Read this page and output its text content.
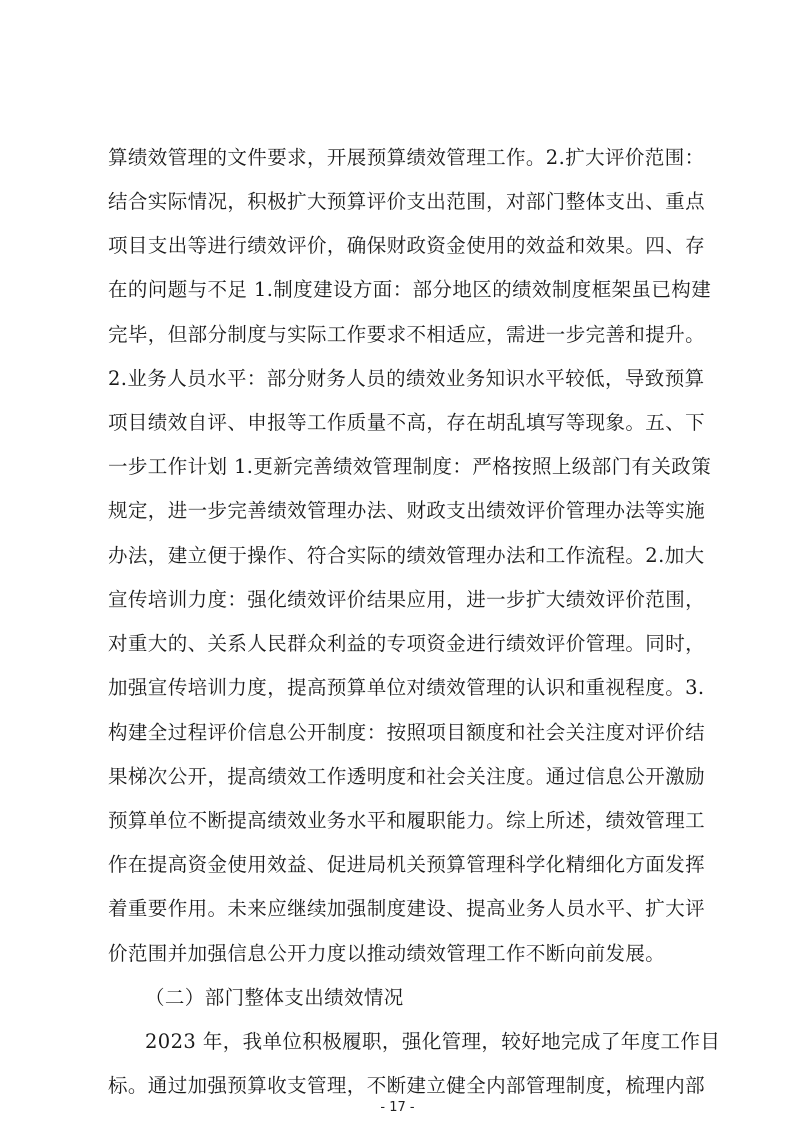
算绩效管理的文件要求，开展预算绩效管理工作。2.扩大评价范围：
结合实际情况，积极扩大预算评价支出范围，对部门整体支出、重点
项目支出等进行绩效评价，确保财政资金使用的效益和效果。四、存
在的问题与不足 1.制度建设方面：部分地区的绩效制度框架虽已构建
完毕，但部分制度与实际工作要求不相适应，需进一步完善和提升。
2.业务人员水平：部分财务人员的绩效业务知识水平较低，导致预算
项目绩效自评、申报等工作质量不高，存在胡乱填写等现象。五、下
一步工作计划 1.更新完善绩效管理制度：严格按照上级部门有关政策
规定，进一步完善绩效管理办法、财政支出绩效评价管理办法等实施
办法，建立便于操作、符合实际的绩效管理办法和工作流程。2.加大
宣传培训力度：强化绩效评价结果应用，进一步扩大绩效评价范围，
对重大的、关系人民群众利益的专项资金进行绩效评价管理。同时，
加强宣传培训力度，提高预算单位对绩效管理的认识和重视程度。3.
构建全过程评价信息公开制度：按照项目额度和社会关注度对评价结
果梯次公开，提高绩效工作透明度和社会关注度。通过信息公开激励
预算单位不断提高绩效业务水平和履职能力。综上所述，绩效管理工
作在提高资金使用效益、促进局机关预算管理科学化精细化方面发挥
着重要作用。未来应继续加强制度建设、提高业务人员水平、扩大评
价范围并加强信息公开力度以推动绩效管理工作不断向前发展。
（二）部门整体支出绩效情况
2023 年，我单位积极履职，强化管理，较好地完成了年度工作目
标。通过加强预算收支管理，不断建立健全内部管理制度，梳理内部
- 17 -
